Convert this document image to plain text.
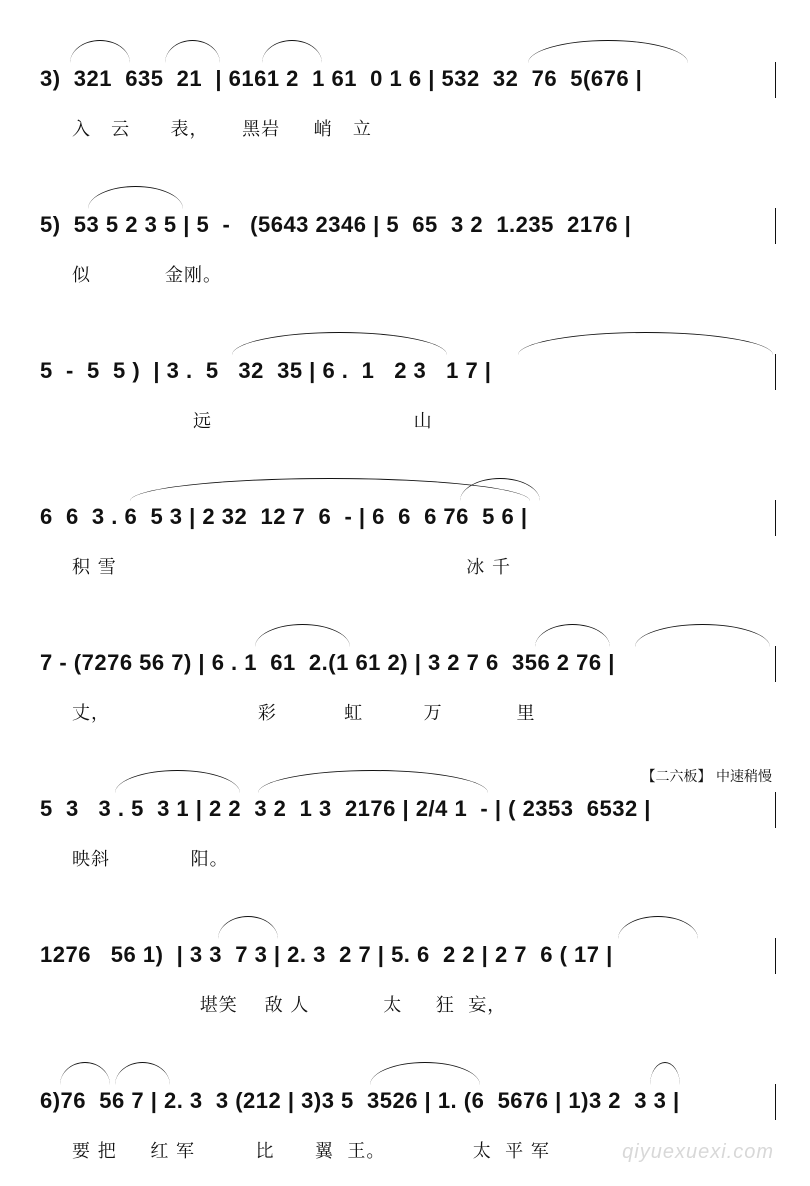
3)  321  635  21  | 6161 2  1 61  0 1 6 | 532  32  76  5(676 |
入   云      表，     黑岩     峭   立
5)  53 5 2 3 5 | 5  -   (5643 2346 | 5  65  3 2  1.235  2176 |
似           金刚。
5  -  5  5 )  | 3 .  5   32  35 | 6 .  1   2 3   1 7 |
远                              山
6  6  3 . 6  5 3 | 2 32  12 7  6  - | 6  6  6 76  5 6 |
积 雪                                                    冰 千
7 - (7276 56 7) | 6 . 1  61  2.(1 61 2) | 3 2 7 6  356 2 76 |
丈，                      彩          虹         万           里
【二六板】 中速稍慢
5  3   3 . 5  3 1 | 2 2  3 2  1 3  2176 | 2/4 1  - | ( 2353  6532 |
映斜            阳。
1276   56 1)  | 3 3  7 3 | 2. 3  2 7 | 5. 6  2 2 | 2 7  6 ( 17 |
堪笑    敌 人           太     狂  妄，
6)76  56 7 | 2. 3  3 (212 | 3)3 5  3526 | 1. (6  5676 | 1)3 2  3 3 |
要 把     红 军         比      翼  王。             太  平 军	qiyuexuexi.com
